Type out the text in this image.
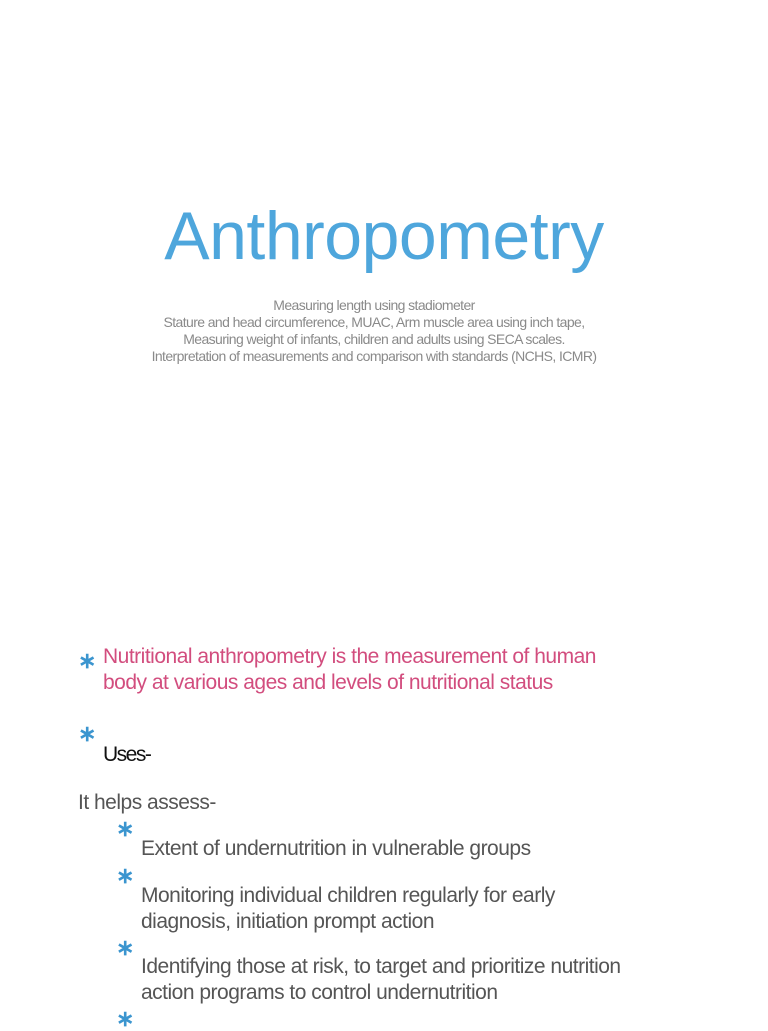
Anthropometry
Measuring length using stadiometer
Stature and head circumference, MUAC, Arm muscle area using inch tape, Measuring weight of infants, children and adults using SECA scales.
Interpretation of measurements and comparison with standards (NCHS, ICMR)
∗ Nutritional anthropometry is the measurement of human body at various ages and levels of nutritional status
∗
Uses-
It helps assess-
∗
Extent of undernutrition in vulnerable groups
∗
Monitoring individual children regularly for early diagnosis, initiation prompt action
∗
Identifying those at risk, to target and prioritize nutrition action programs to control undernutrition
∗
